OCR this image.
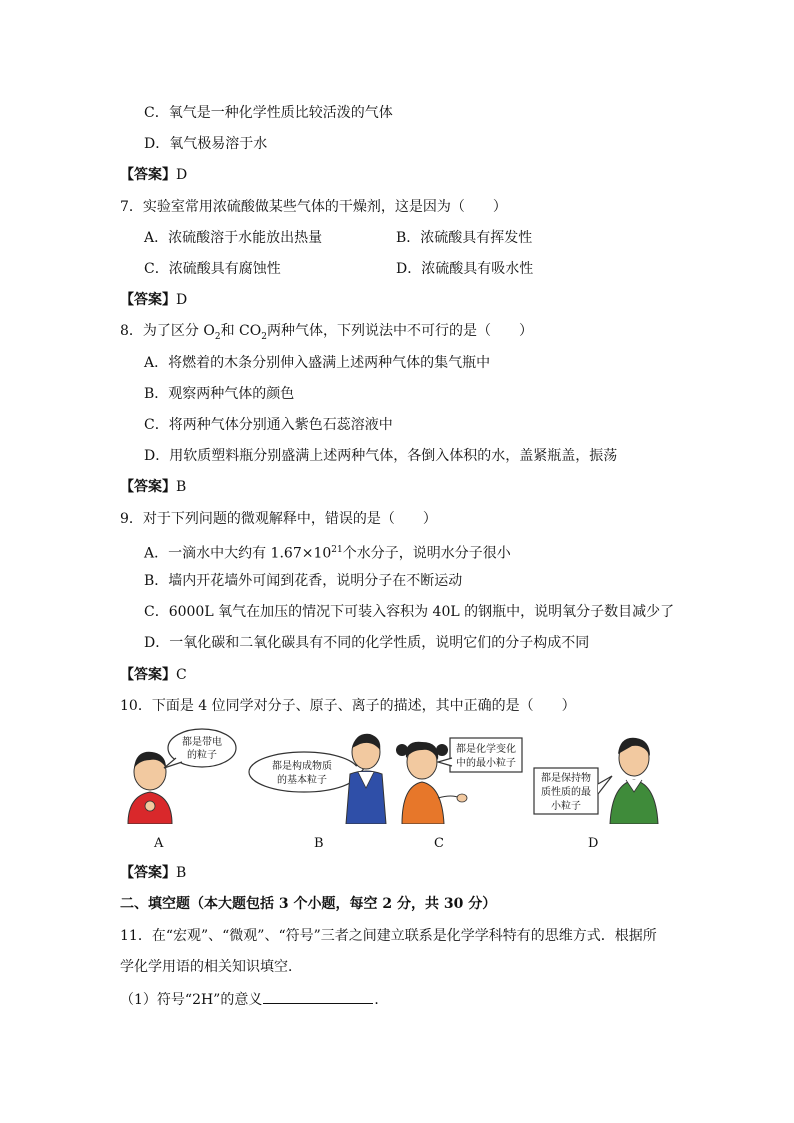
C．氧气是一种化学性质比较活泼的气体
D．氧气极易溶于水
【答案】D
7．实验室常用浓硫酸做某些气体的干燥剂，这是因为（　　）
A．浓硫酸溶于水能放出热量	B．浓硫酸具有挥发性
C．浓硫酸具有腐蚀性	D．浓硫酸具有吸水性
【答案】D
8．为了区分 $O_2$和 $CO_2$两种气体，下列说法中不可行的是（　　）
A．将燃着的木条分别伸入盛满上述两种气体的集气瓶中
B．观察两种气体的颜色
C．将两种气体分别通入紫色石蕊溶液中
D．用软质塑料瓶分别盛满上述两种气体，各倒入体积的水，盖紧瓶盖，振荡
【答案】B
9．对于下列问题的微观解释中，错误的是（　　）
A．一滴水中大约有 $1.67\times 10^{21}$个水分子，说明水分子很小
B．墙内开花墙外可闻到花香，说明分子在不断运动
C．6000L 氧气在加压的情况下可装入容积为 40L 的钢瓶中，说明氧分子数目减少了
D．一氧化碳和二氧化碳具有不同的化学性质，说明它们的分子构成不同
【答案】C
10．下面是 4 位同学对分子、原子、离子的描述，其中正确的是（　　）
都是带电
的粒子
都是构成物质
的基本粒子
都是化学变化
中的最小粒子
都是保持物
质性质的最
小粒子
A	B	C	D
【答案】B
二、填空题（本大题包括 3 个小题，每空 2 分，共 30 分）
11．在“宏观”、“微观”、“符号”三者之间建立联系是化学学科特有的思维方式．根据所
学化学用语的相关知识填空．
（1）符号“2H”的意义	．
